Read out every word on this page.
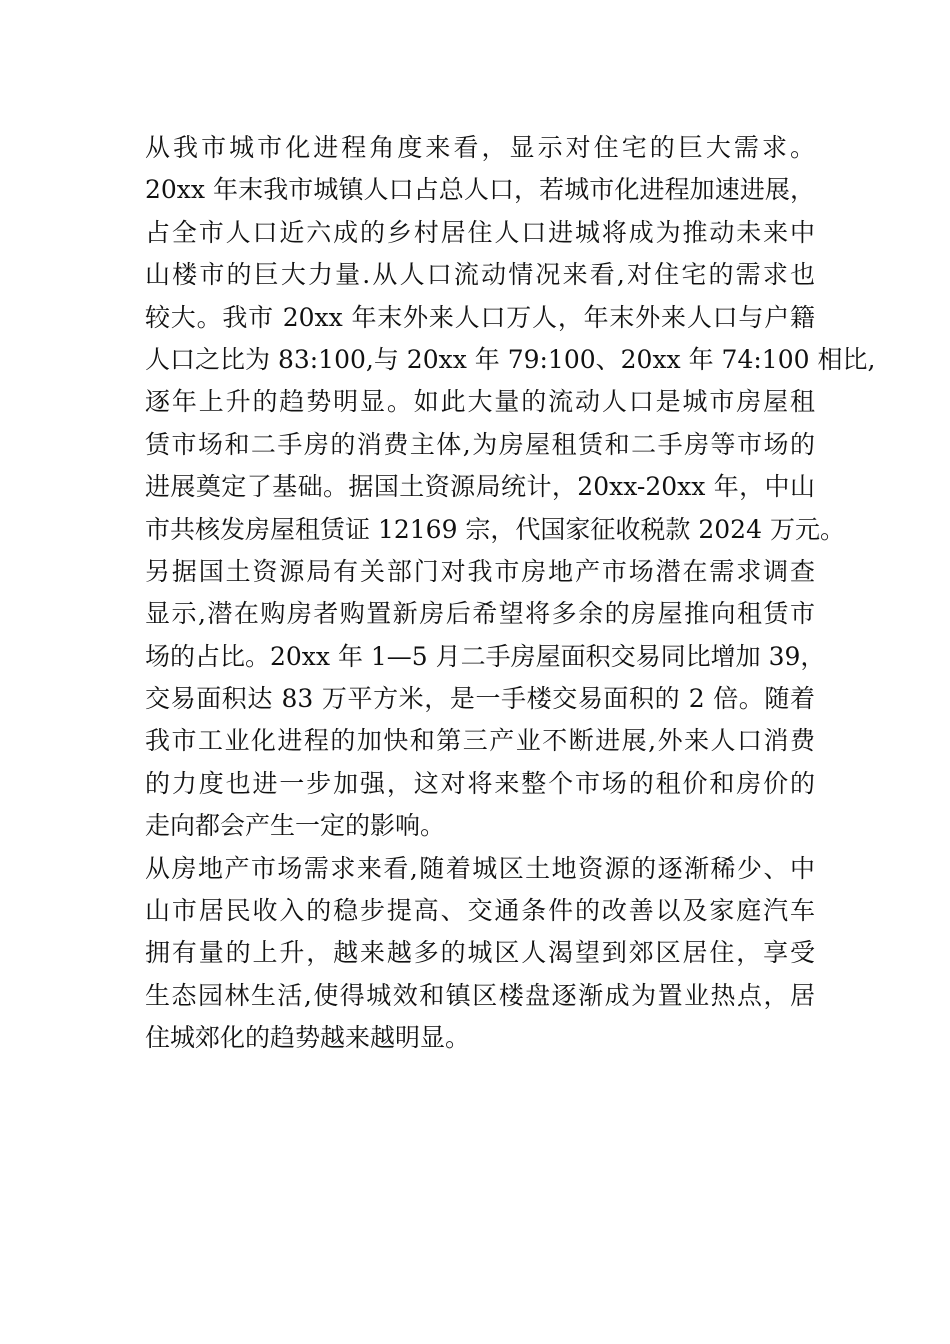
从我市城市化进程角度来看，显示对住宅的巨大需求。
20xx 年末我市城镇人口占总人口，若城市化进程加速进展，
占全市人口近六成的乡村居住人口进城将成为推动未来中
山楼市的巨大力量.从人口流动情况来看,对住宅的需求也
较大。我市 20xx 年末外来人口万人，年末外来人口与户籍
人口之比为 83:100,与 20xx 年 79:100、20xx 年 74:100 相比,
逐年上升的趋势明显。如此大量的流动人口是城市房屋租
赁市场和二手房的消费主体,为房屋租赁和二手房等市场的
进展奠定了基础。据国土资源局统计，20xx-20xx 年，中山
市共核发房屋租赁证 12169 宗，代国家征收税款 2024 万元。
另据国土资源局有关部门对我市房地产市场潜在需求调查
显示,潜在购房者购置新房后希望将多余的房屋推向租赁市
场的占比。20xx 年 1—5 月二手房屋面积交易同比增加 39，
交易面积达 83 万平方米，是一手楼交易面积的 2 倍。随着
我市工业化进程的加快和第三产业不断进展,外来人口消费
的力度也进一步加强，这对将来整个市场的租价和房价的
走向都会产生一定的影响。
从房地产市场需求来看,随着城区土地资源的逐渐稀少、中
山市居民收入的稳步提高、交通条件的改善以及家庭汽车
拥有量的上升，越来越多的城区人渴望到郊区居住，享受
生态园林生活,使得城效和镇区楼盘逐渐成为置业热点，居
住城郊化的趋势越来越明显。
